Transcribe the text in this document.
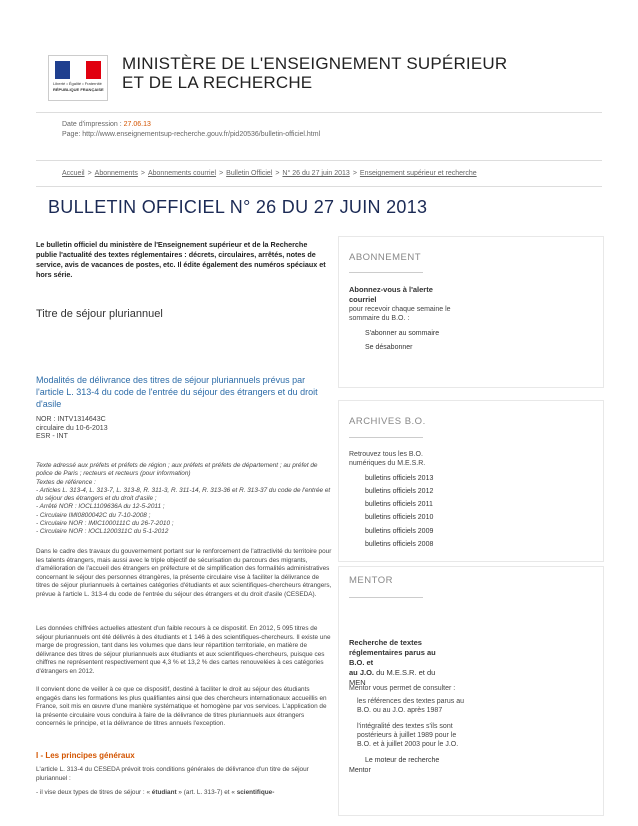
Liberté • Égalité • Fraternité
RÉPUBLIQUE FRANÇAISE
MINISTÈRE DE L'ENSEIGNEMENT SUPÉRIEUR
ET DE LA RECHERCHE
Date d'impression : 27.06.13
Page: http://www.enseignementsup-recherche.gouv.fr/pid20536/bulletin-officiel.html
Accueil > Abonnements > Abonnements courriel > Bulletin Officiel > N° 26 du 27 juin 2013 > Enseignement supérieur et recherche
BULLETIN OFFICIEL N° 26 DU 27 JUIN 2013
Le bulletin officiel du ministère de l'Enseignement supérieur et de la Recherche publie l'actualité des textes réglementaires : décrets, circulaires, arrêtés, notes de service, avis de vacances de postes, etc. Il édite également des numéros spéciaux et hors série.
Titre de séjour pluriannuel
Modalités de délivrance des titres de séjour pluriannuels prévus par l'article L. 313-4 du code de l'entrée du séjour des étrangers et du droit d'asile
NOR : INTV1314643C
circulaire du 10-6-2013
ESR - INT
Texte adressé aux préfets et préfets de région ; aux préfets et préfets de département ; au préfet de police de Paris ; recteurs et recteurs (pour information)
Textes de référence :
- Articles L. 313-4, L. 313-7, L. 313-8, R. 311-3, R. 311-14, R. 313-36 et R. 313-37 du code de l'entrée et du séjour des étrangers et du droit d'asile ;
- Arrêté NOR : IOCL1109636A du 12-5-2011 ;
- Circulaire IMI0800042C du 7-10-2008 ;
- Circulaire NOR : IMIC1000111C du 26-7-2010 ;
- Circulaire NOR : IOCL1200311C du 5-1-2012
Dans le cadre des travaux du gouvernement portant sur le renforcement de l'attractivité du territoire pour les talents étrangers, mais aussi avec le triple objectif de sécurisation du parcours des migrants, d'amélioration de l'accueil des étrangers en préfecture et de simplification des formalités administratives concernant le séjour des personnes étrangères, la présente circulaire vise à faciliter la délivrance de titres de séjour pluriannuels à certaines catégories d'étudiants et aux scientifiques-chercheurs étrangers, prévue à l'article L. 313-4 du code de l'entrée du séjour des étrangers et du droit d'asile (CESEDA).
Les données chiffrées actuelles attestent d'un faible recours à ce dispositif. En 2012, 5 095 titres de séjour pluriannuels ont été délivrés à des étudiants et 1 146 à des scientifiques-chercheurs. Il existe une marge de progression, tant dans les volumes que dans leur répartition territoriale, en matière de délivrance des titres de séjour pluriannuels aux étudiants et aux scientifiques-chercheurs, puisque ces chiffres ne représentent respectivement que 4,3 % et 13,2 % des cartes renouvelées à ces catégories d'étrangers en 2012.
Il convient donc de veiller à ce que ce dispositif, destiné à faciliter le droit au séjour des étudiants engagés dans les formations les plus qualifiantes ainsi que des chercheurs internationaux accueillis en France, soit mis en œuvre d'une manière systématique et homogène par vos services. L'application de la présente circulaire vous conduira à faire de la délivrance de titres pluriannuels aux étrangers concernés le principe, et la délivrance de titres annuels l'exception.
I - Les principes généraux
L'article L. 313-4 du CESEDA prévoit trois conditions générales de délivrance d'un titre de séjour pluriannuel :
- il vise deux types de titres de séjour : « étudiant » (art. L. 313-7) et « scientifique-
ABONNEMENT
Abonnez-vous à l'alerte courriel
pour recevoir chaque semaine le sommaire du B.O. :
S'abonner au sommaire
Se désabonner
ARCHIVES B.O.
Retrouvez tous les B.O. numériques du M.E.S.R.
bulletins officiels 2013
bulletins officiels 2012
bulletins officiels 2011
bulletins officiels 2010
bulletins officiels 2009
bulletins officiels 2008
MENTOR
Recherche de textes réglementaires parus au B.O. et
au J.O. du M.E.S.R. et du MEN
Mentor vous permet de consulter :
les références des textes parus au B.O. ou au J.O. après 1987
l'intégralité des textes s'ils sont postérieurs à juillet 1989 pour le B.O. et à juillet 2003 pour le J.O.
Le moteur de recherche
Mentor
